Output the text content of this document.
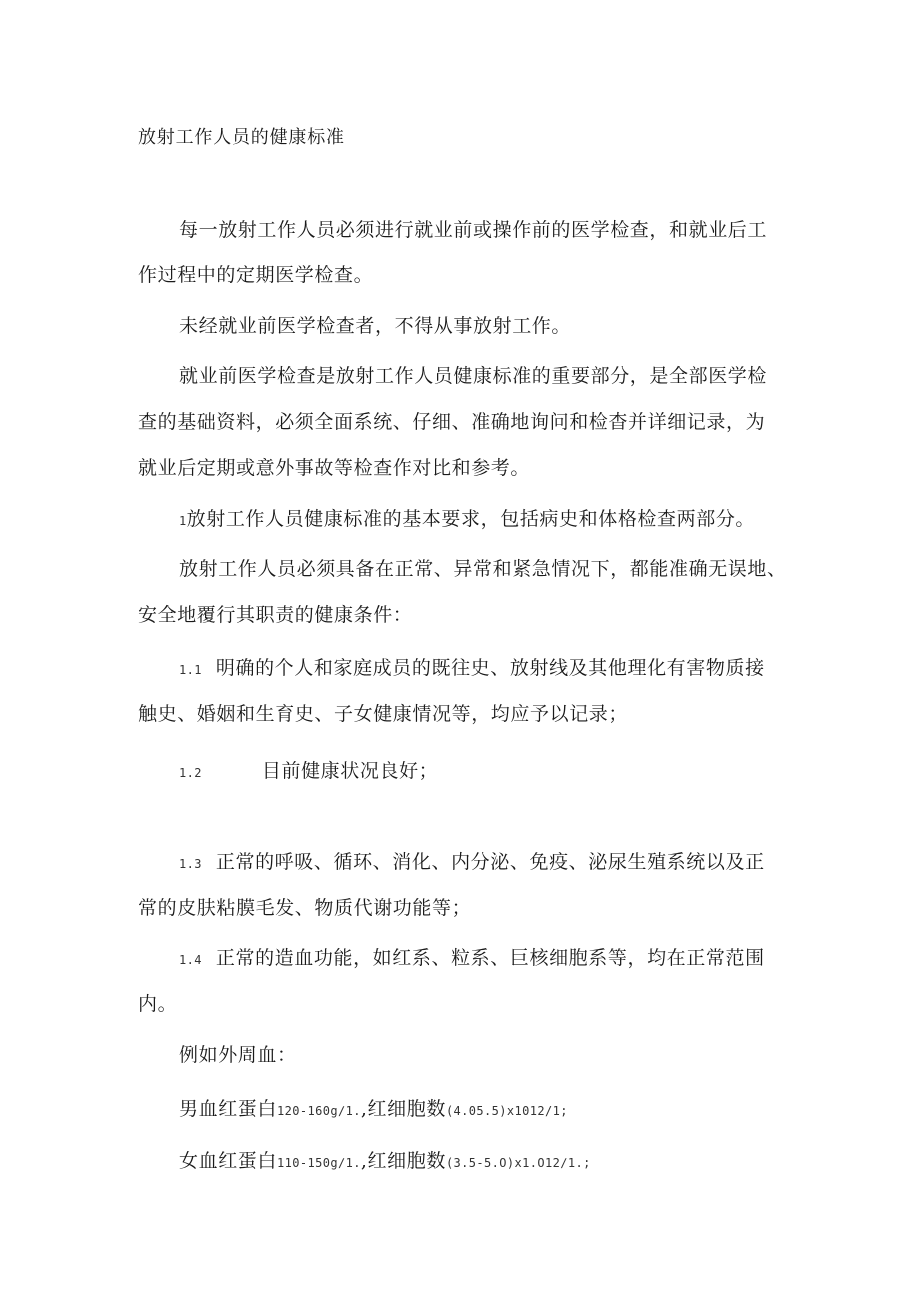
放射工作人员的健康标准
每一放射工作人员必须进行就业前或操作前的医学检查，和就业后工
作过程中的定期医学检查。
未经就业前医学检查者，不得从事放射工作。
就业前医学检查是放射工作人员健康标准的重要部分，是全部医学检
查的基础资料，必须全面系统、仔细、准确地询问和检杳并详细记录，为
就业后定期或意外事故等检查作对比和参考。
1放射工作人员健康标准的基本要求，包括病史和体格检查两部分。
放射工作人员必须具备在正常、异常和紧急情况下，都能准确无误地、
安全地覆行其职责的健康条件：
1.1 明确的个人和家庭成员的既往史、放射线及其他理化有害物质接
触史、婚姻和生育史、子女健康情况等，均应予以记录；
1.2	目前健康状况良好；
1.3 正常的呼吸、循环、消化、内分泌、免疫、泌尿生殖系统以及正
常的皮肤粘膜毛发、物质代谢功能等；
1.4 正常的造血功能，如红系、粒系、巨核细胞系等，均在正常范围
内。
例如外周血：
男血红蛋白120-160g∕1.,红细胞数(4.05.5)x1012/1;
女血红蛋白110-150g∕1.,红细胞数(3.5-5.O)x1.O12∕1.;
